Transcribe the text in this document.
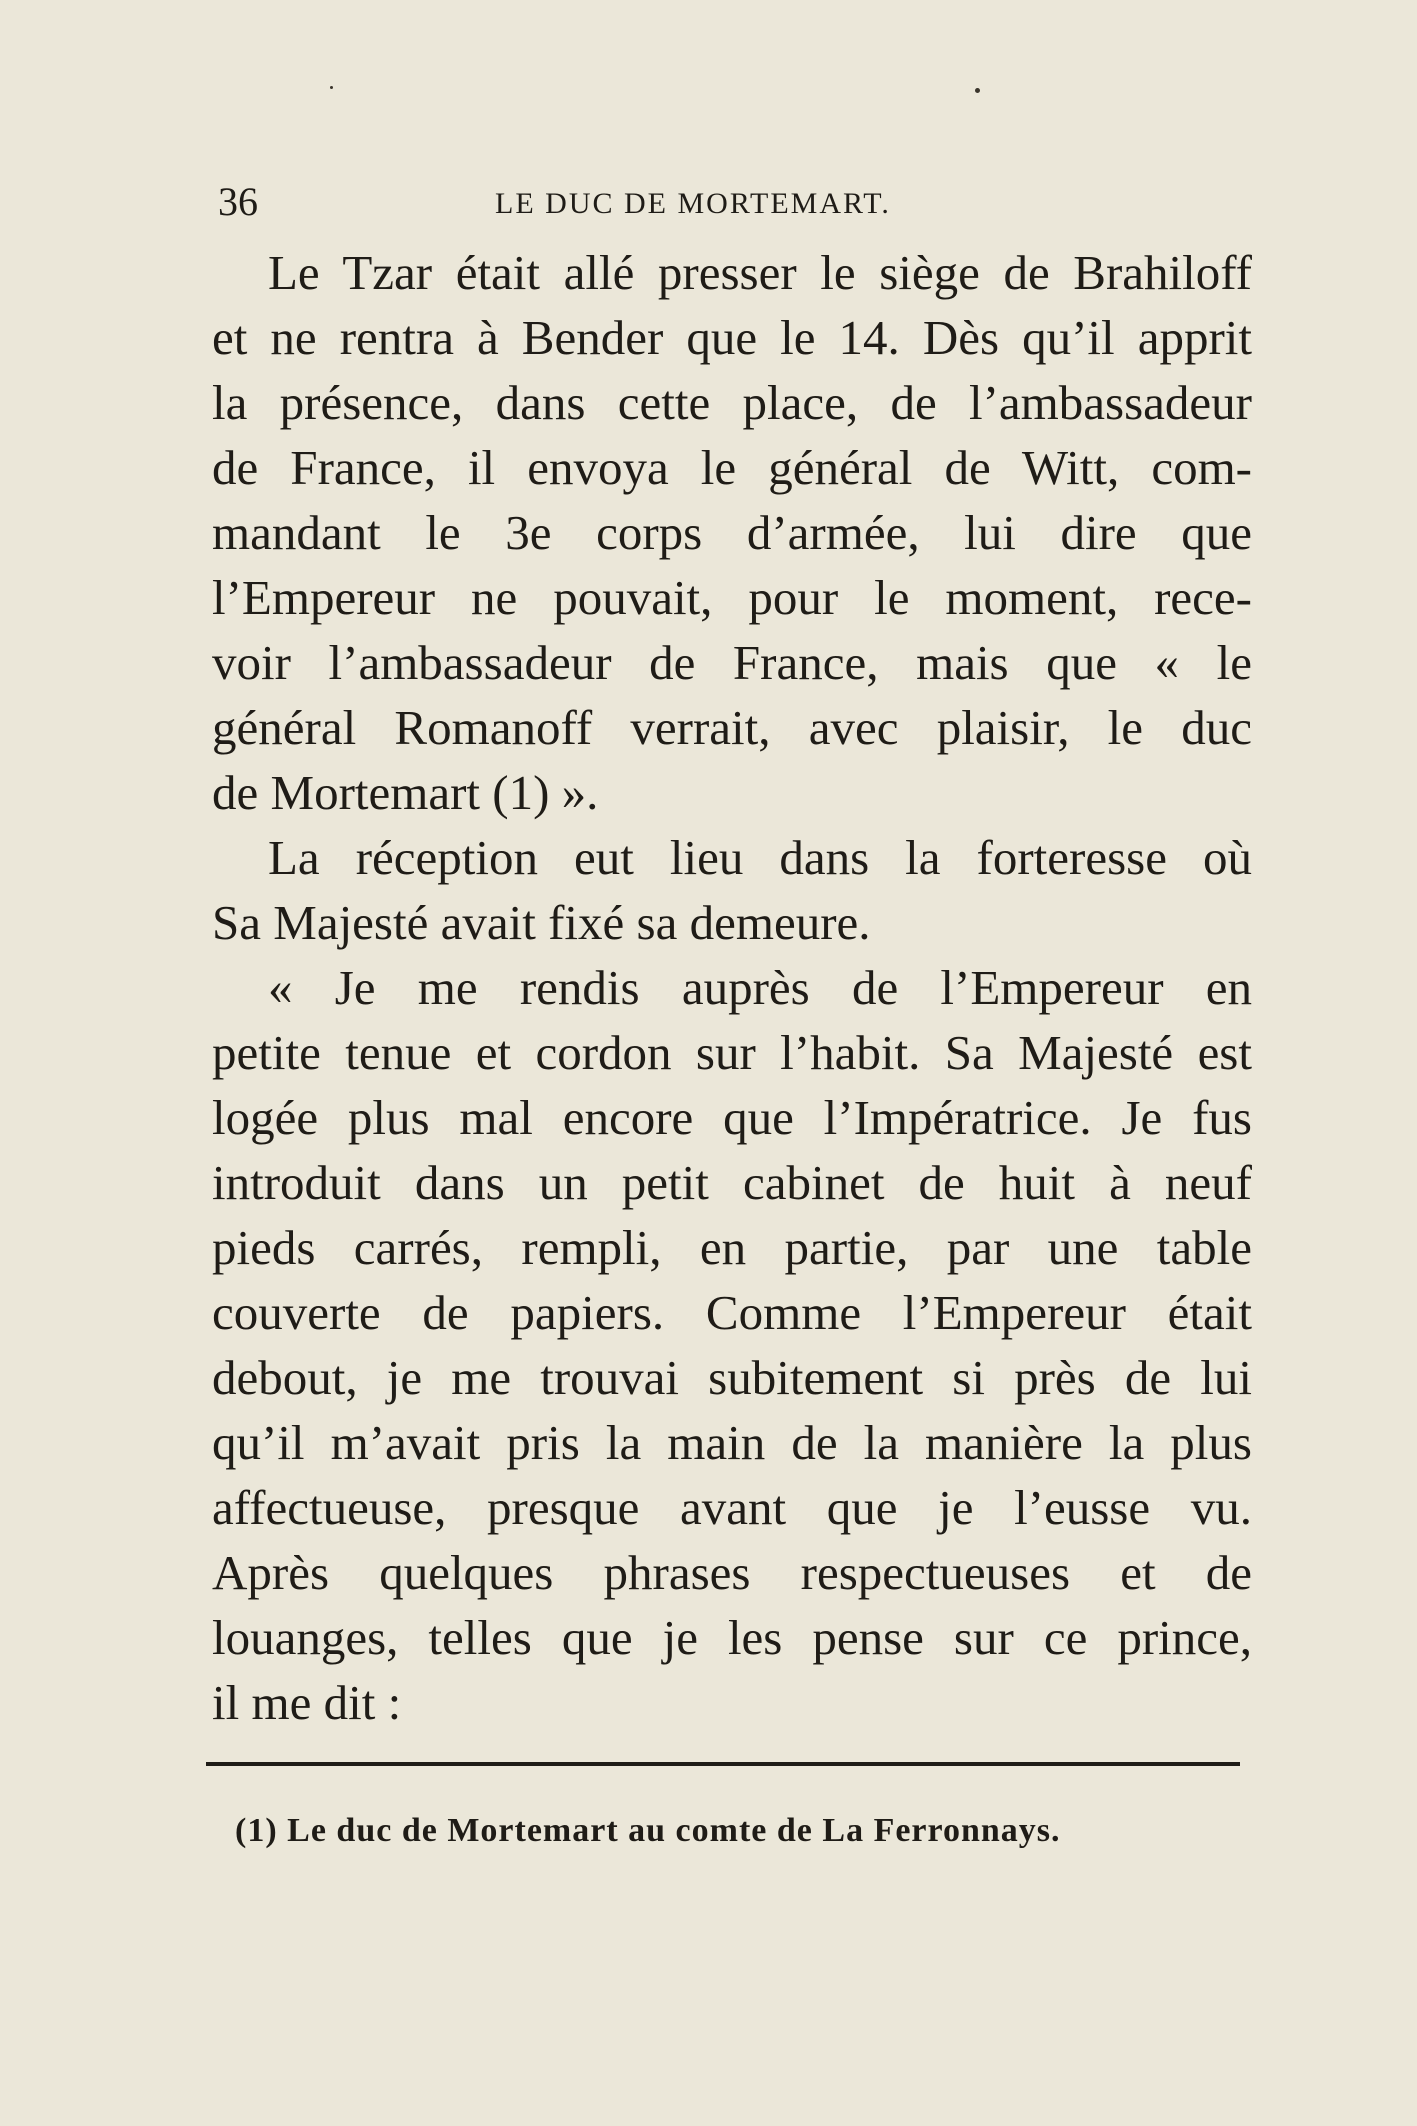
36	LE DUC DE MORTEMART.
Le Tzar était allé presser le siège de Brahiloff
et ne rentra à Bender que le 14. Dès qu’il apprit
la présence, dans cette place, de l’ambassadeur
de France, il envoya le général de Witt, com-
mandant le 3e corps d’armée, lui dire que
l’Empereur ne pouvait, pour le moment, rece-
voir l’ambassadeur de France, mais que « le
général Romanoff verrait, avec plaisir, le duc
de Mortemart (1) ».
La réception eut lieu dans la forteresse où
Sa Majesté avait fixé sa demeure.
« Je me rendis auprès de l’Empereur en
petite tenue et cordon sur l’habit. Sa Majesté est
logée plus mal encore que l’Impératrice. Je fus
introduit dans un petit cabinet de huit à neuf
pieds carrés, rempli, en partie, par une table
couverte de papiers. Comme l’Empereur était
debout, je me trouvai subitement si près de lui
qu’il m’avait pris la main de la manière la plus
affectueuse, presque avant que je l’eusse vu.
Après quelques phrases respectueuses et de
louanges, telles que je les pense sur ce prince,
il me dit :
(1) Le duc de Mortemart au comte de La Ferronnays.
